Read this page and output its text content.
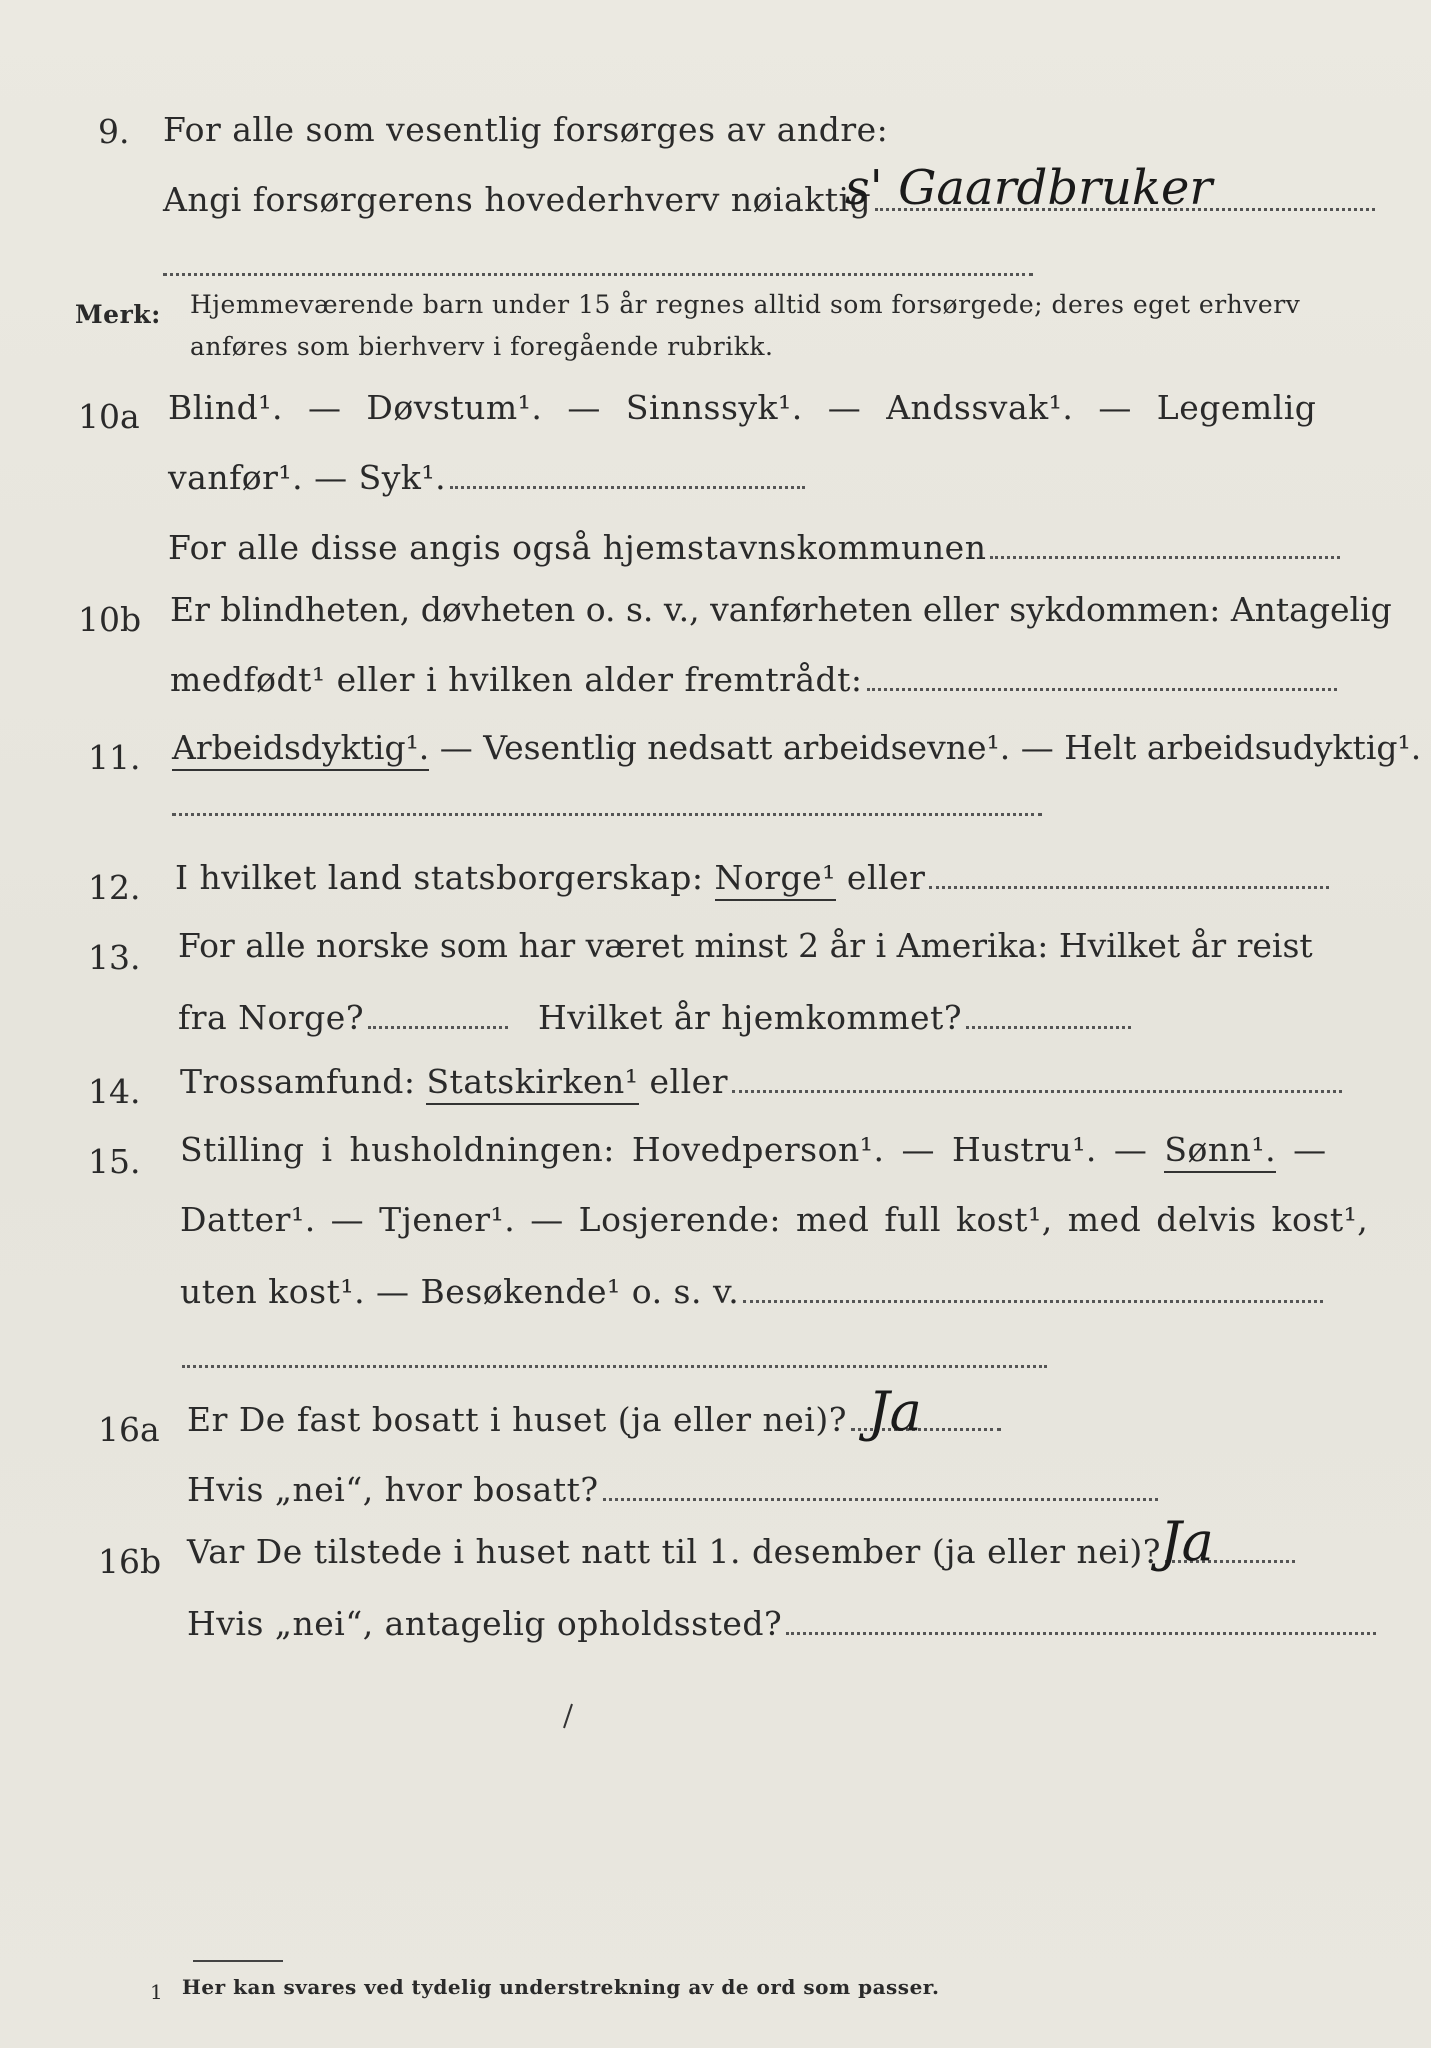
9. For alle som vesentlig forsørges av andre:
Angi forsørgerens hovederhverv nøiaktig
s' Gaardbruker
Merk: Hjemmeværende barn under 15 år regnes alltid som forsørgede; deres eget erhverv
anføres som bierhverv i foregående rubrikk.
10a Blind¹. — Døvstum¹. — Sinnssyk¹. — Andssvak¹. — Legemlig
vanfør¹. — Syk¹.
For alle disse angis også hjemstavnskommunen
10b Er blindheten, døvheten o. s. v., vanførheten eller sykdommen: Antagelig
medfødt¹ eller i hvilken alder fremtrådt:
11. Arbeidsdyktig¹. — Vesentlig nedsatt arbeidsevne¹. — Helt arbeidsudyktig¹.
12. I hvilket land statsborgerskap: Norge¹ eller
13. For alle norske som har været minst 2 år i Amerika: Hvilket år reist
fra Norge?	Hvilket år hjemkommet?
14. Trossamfund: Statskirken¹ eller
15. Stilling i husholdningen: Hovedperson¹. — Hustru¹. — Sønn¹. —
Datter¹. — Tjener¹. — Losjerende: med full kost¹, med delvis kost¹,
uten kost¹. — Besøkende¹ o. s. v.
16a Er De fast bosatt i huset (ja eller nei)? Ja
Hvis „nei“, hvor bosatt?
16b Var De tilstede i huset natt til 1. desember (ja eller nei)? Ja
Hvis „nei“, antagelig opholdssted?
1 Her kan svares ved tydelig understrekning av de ord som passer.
